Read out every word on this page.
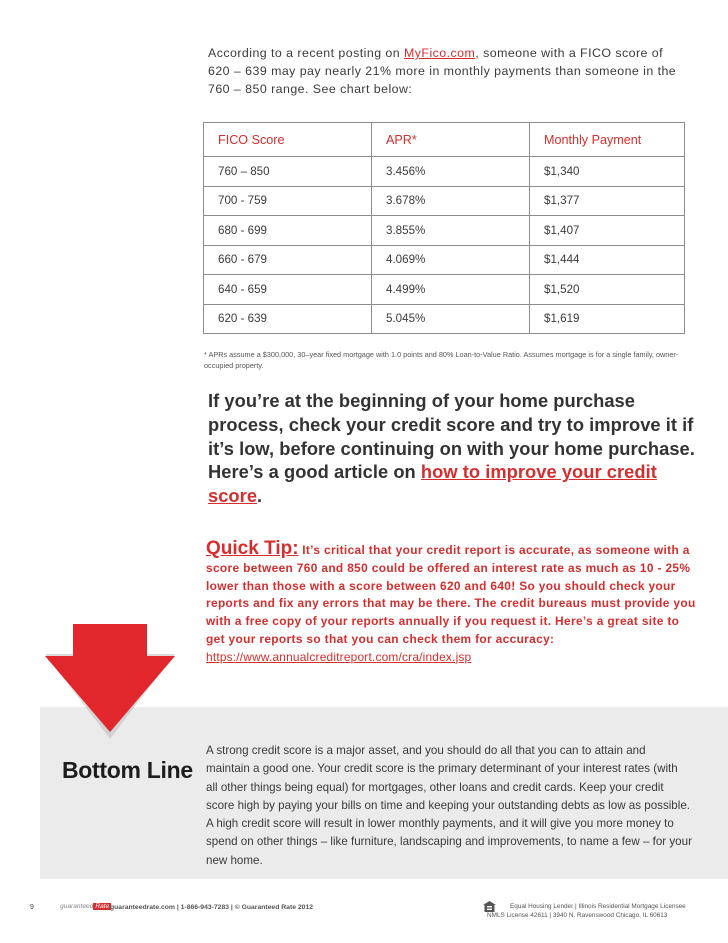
According to a recent posting on MyFico.com, someone with a FICO score of 620 – 639 may pay nearly 21% more in monthly payments than someone in the 760 – 850 range. See chart below:
FICO Score	APR*	Monthly Payment
760 – 850	3.456%	$1,340
700 - 759	3.678%	$1,377
680 - 699	3.855%	$1,407
660 - 679	4.069%	$1,444
640 - 659	4.499%	$1,520
620 - 639	5.045%	$1,619
* APRs assume a $300,000, 30–year fixed mortgage with 1.0 points and 80% Loan-to-Value Ratio. Assumes mortgage is for a single family, owner-occupied property.
If you’re at the beginning of your home purchase process, check your credit score and try to improve it if it’s low, before continuing on with your home purchase. Here’s a good article on how to improve your credit score.
Quick Tip: It’s critical that your credit report is accurate, as someone with a score between 760 and 850 could be offered an interest rate as much as 10 - 25% lower than those with a score between 620 and 640! So you should check your reports and fix any errors that may be there. The credit bureaus must provide you with a free copy of your reports annually if you request it. Here’s a great site to get your reports so that you can check them for accuracy: https://www.annualcreditreport.com/cra/index.jsp
Bottom Line
A strong credit score is a major asset, and you should do all that you can to attain and maintain a good one. Your credit score is the primary determinant of your interest rates (with all other things being equal) for mortgages, other loans and credit cards. Keep your credit score high by paying your bills on time and keeping your outstanding debts as low as possible. A high credit score will result in lower monthly payments, and it will give you more money to spend on other things – like furniture, landscaping and improvements, to name a few – for your new home.
9	guaranteed Rate guaranteedrate.com | 1-866-943-7283 | © Guaranteed Rate 2012	Equal Housing Lender | Illinois Residential Mortgage Licensee
NMLS License 42611 | 3940 N. Ravenswood Chicago, IL 60613
